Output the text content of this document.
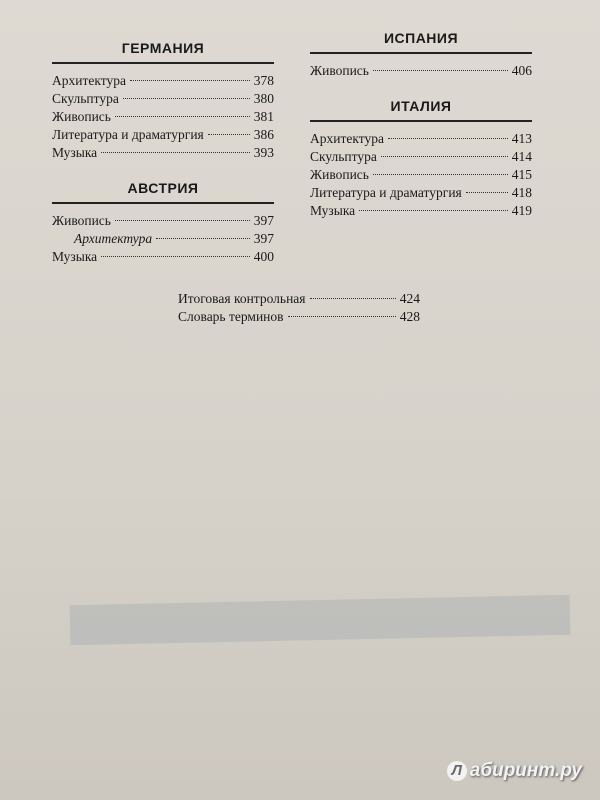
ГЕРМАНИЯ
Архитектура	378
Скульптура	380
Живопись	381
Литература и драматургия	386
Музыка	393
АВСТРИЯ
Живопись	397
Архитектура	397
Музыка	400
ИСПАНИЯ
Живопись	406
ИТАЛИЯ
Архитектура	413
Скульптура	414
Живопись	415
Литература и драматургия	418
Музыка	419
Итоговая контрольная	424
Словарь терминов	428
Л абиринт.ру
